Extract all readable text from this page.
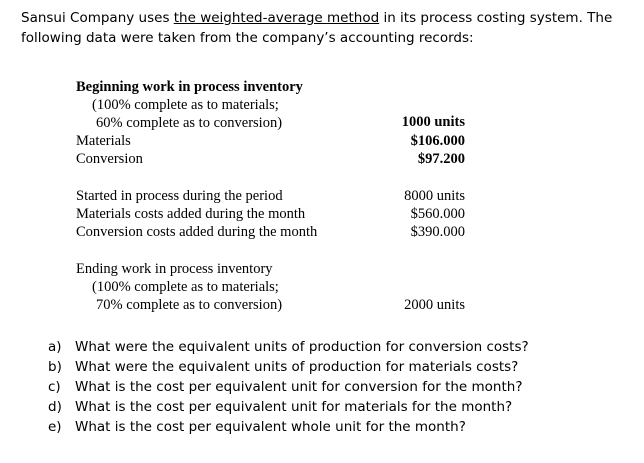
Sansui Company uses the weighted-average method in its process costing system. The following data were taken from the company’s accounting records:
Beginning work in process inventory
(100% complete as to materials;
60% complete as to conversion)	1000 units
Materials	$106.000
Conversion	$97.200
Started in process during the period	8000 units
Materials costs added during the month	$560.000
Conversion costs added during the month	$390.000
Ending work in process inventory
(100% complete as to materials;
70% complete as to conversion)	2000 units
a) What were the equivalent units of production for conversion costs?
b) What were the equivalent units of production for materials costs?
c)	What is the cost per equivalent unit for conversion for the month?
d) What is the cost per equivalent unit for materials for the month?
e) What is the cost per equivalent whole unit for the month?
